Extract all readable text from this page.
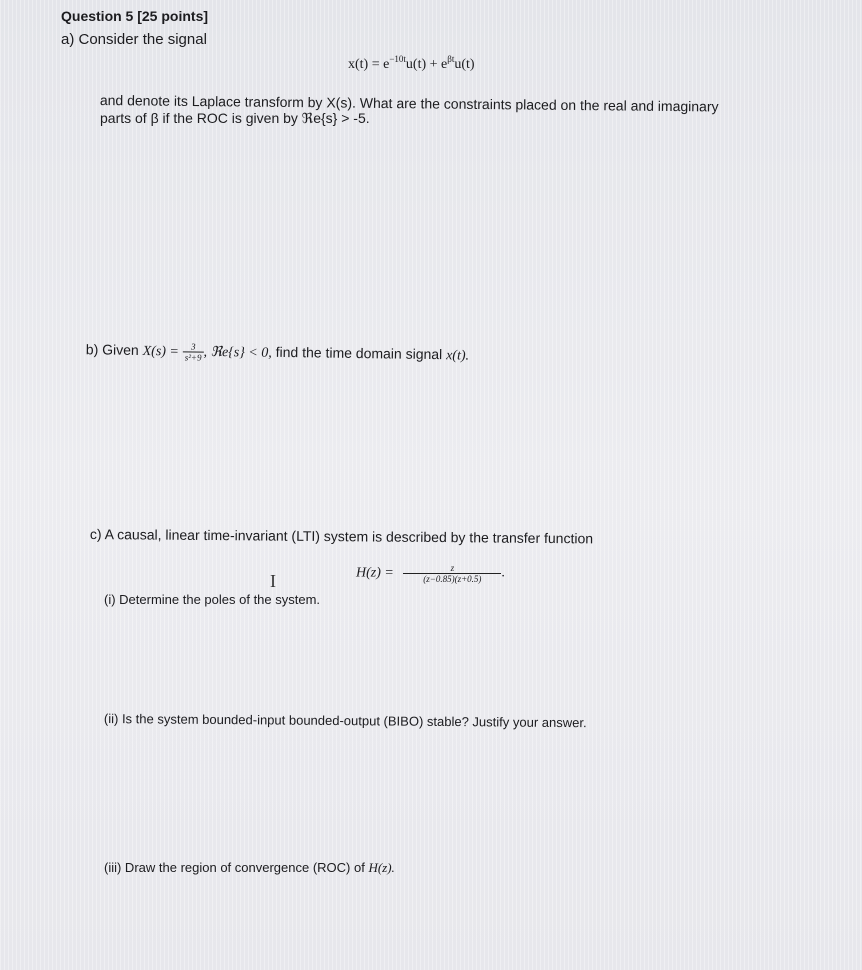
Question 5 [25 points]
a) Consider the signal
$x(t) = e^{-10t}u(t) + e^{\beta t}u(t)$
and denote its Laplace transform by X(s). What are the constraints placed on the real and imaginary
parts of β if the ROC is given by ℜe{s} > -5.
b) Given $X(s) = \frac{3}{\text{s²+9}}$ , ℜe{s} < 0, find the time domain signal x(t).
c) A causal, linear time-invariant (LTI) system is described by the transfer function
$H(z) = \frac{z}{(z-0.85)(z+0.5)}$ .
I
(i) Determine the poles of the system.
(ii) Is the system bounded-input bounded-output (BIBO) stable? Justify your answer.
(iii) Draw the region of convergence (ROC) of H(z).
